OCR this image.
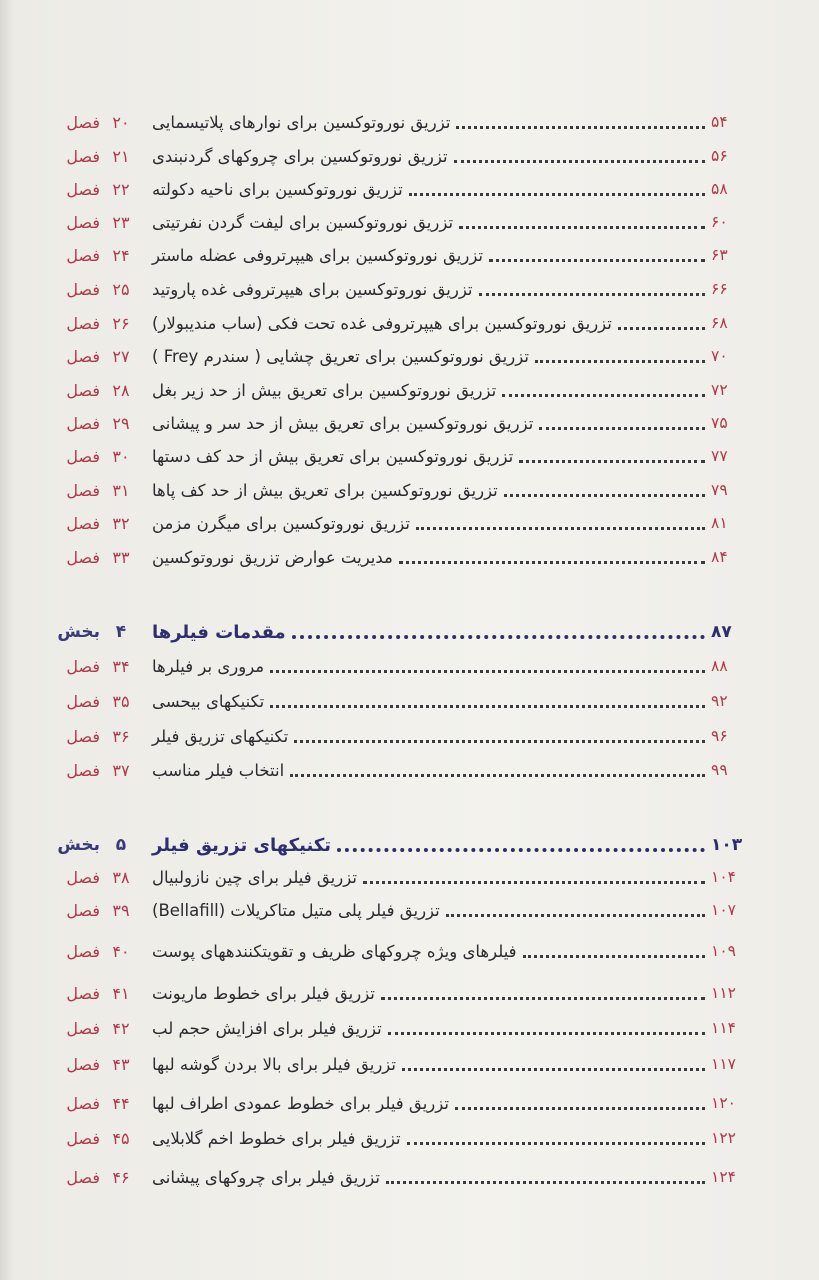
فصل ۲۰	تزریق نوروتوکسین برای نوارهای پلاتیسمایی	۵۴
فصل ۲۱	تزریق نوروتوکسین برای چروکهای گردنبندی	۵۶
فصل ۲۲	تزریق نوروتوکسین برای ناحیه دکولته	۵۸
فصل ۲۳	تزریق نوروتوکسین برای لیفت گردن نفرتیتی	۶۰
فصل ۲۴	تزریق نوروتوکسین برای هیپرتروفی عضله ماستر	۶۳
فصل ۲۵	تزریق نوروتوکسین برای هیپرتروفی غده پاروتید	۶۶
فصل ۲۶	تزریق نوروتوکسین برای هیپرتروفی غده تحت فکی (ساب مندیبولار)	۶۸
فصل ۲۷	تزریق نوروتوکسین برای تعریق چشایی ( سندرم Frey )	۷۰
فصل ۲۸	تزریق نوروتوکسین برای تعریق بیش از حد زیر بغل	۷۲
فصل ۲۹	تزریق نوروتوکسین برای تعریق بیش از حد سر و پیشانی	۷۵
فصل ۳۰	تزریق نوروتوکسین برای تعریق بیش از حد کف دستها	۷۷
فصل ۳۱	تزریق نوروتوکسین برای تعریق بیش از حد کف پاها	۷۹
فصل ۳۲	تزریق نوروتوکسین برای میگرن مزمن	۸۱
فصل ۳۳	مدیریت عوارض تزریق نوروتوکسین	۸۴
بخش ۴	مقدمات فیلرها	۸۷
فصل ۳۴	مروری بر فیلرها	۸۸
فصل ۳۵	تکنیکهای بیحسی	۹۲
فصل ۳۶	تکنیکهای تزریق فیلر	۹۶
فصل ۳۷	انتخاب فیلر مناسب	۹۹
بخش ۵	تکنیکهای تزریق فیلر	۱۰۳
فصل ۳۸	تزریق فیلر برای چین نازولبیال	۱۰۴
فصل ۳۹	تزریق فیلر پلی متیل متاکریلات (Bellafill)	۱۰۷
فصل ۴۰	فیلرهای ویژه چروکهای ظریف و تقویتکنندههای پوست	۱۰۹
فصل ۴۱	تزریق فیلر برای خطوط ماریونت	۱۱۲
فصل ۴۲	تزریق فیلر برای افزایش حجم لب	۱۱۴
فصل ۴۳	تزریق فیلر برای بالا بردن گوشه لبها	۱۱۷
فصل ۴۴	تزریق فیلر برای خطوط عمودی اطراف لبها	۱۲۰
فصل ۴۵	تزریق فیلر برای خطوط اخم گلابلایی	۱۲۲
فصل ۴۶	تزریق فیلر برای چروکهای پیشانی	۱۲۴
